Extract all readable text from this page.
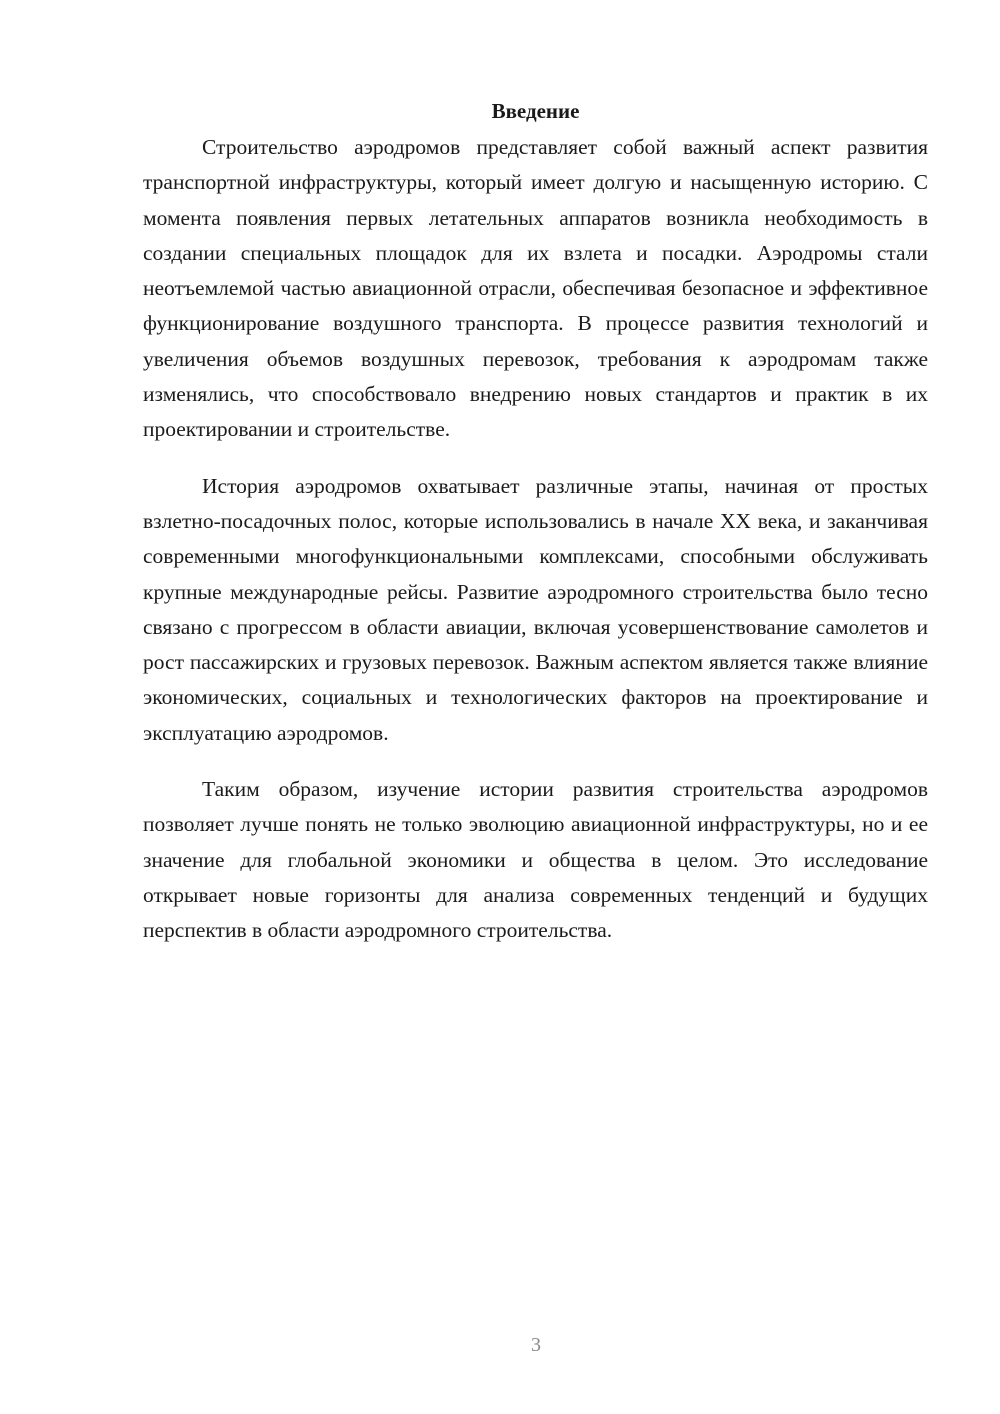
Введение

Строительство аэродромов представляет собой важный аспект развития транспортной инфраструктуры, который имеет долгую и насыщенную историю. С момента появления первых летательных аппаратов возникла необходимость в создании специальных площадок для их взлета и посадки. Аэродромы стали неотъемлемой частью авиационной отрасли, обеспечивая безопасное и эффективное функционирование воздушного транспорта. В процессе развития технологий и увеличения объемов воздушных перевозок, требования к аэродромам также изменялись, что способствовало внедрению новых стандартов и практик в их проектировании и строительстве.

История аэродромов охватывает различные этапы, начиная от простых взлетно-посадочных полос, которые использовались в начале XX века, и заканчивая современными многофункциональными комплексами, способными обслуживать крупные международные рейсы. Развитие аэродромного строительства было тесно связано с прогрессом в области авиации, включая усовершенствование самолетов и рост пассажирских и грузовых перевозок. Важным аспектом является также влияние экономических, социальных и технологических факторов на проектирование и эксплуатацию аэродромов.

Таким образом, изучение истории развития строительства аэродромов позволяет лучше понять не только эволюцию авиационной инфраструктуры, но и ее значение для глобальной экономики и общества в целом. Это исследование открывает новые горизонты для анализа современных тенденций и будущих перспектив в области аэродромного строительства.

3
